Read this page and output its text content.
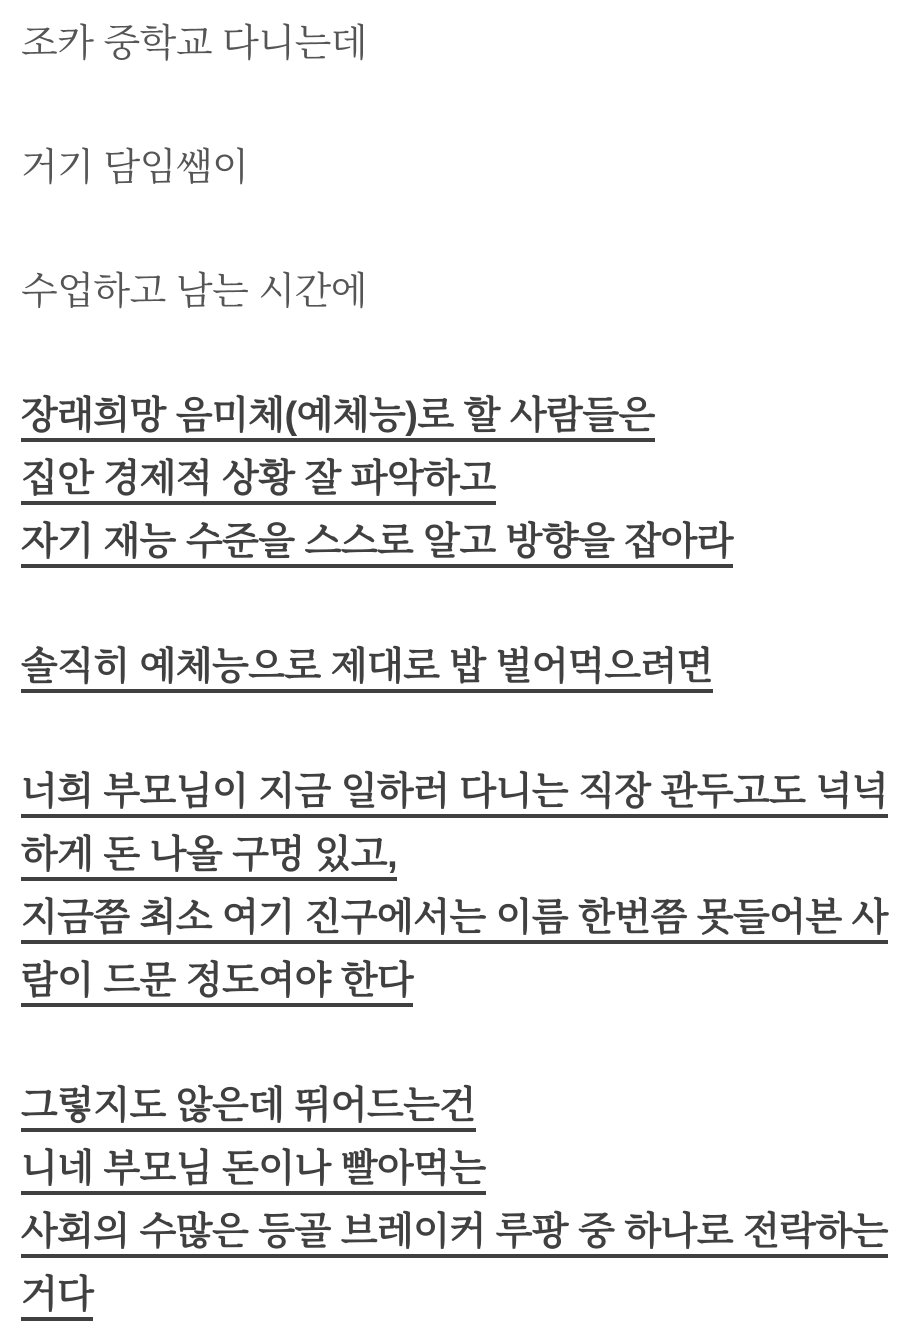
조카 중학교 다니는데

거기 담임쌤이

수업하고 남는 시간에

장래희망 음미체(예체능)로 할 사람들은
집안 경제적 상황 잘 파악하고
자기 재능 수준을 스스로 알고 방향을 잡아라

솔직히 예체능으로 제대로 밥 벌어먹으려면

너희 부모님이 지금 일하러 다니는 직장 관두고도 넉넉
하게 돈 나올 구멍 있고,
지금쯤 최소 여기 진구에서는 이름 한번쯤 못들어본 사
람이 드문 정도여야 한다

그렇지도 않은데 뛰어드는건
니네 부모님 돈이나 빨아먹는
사회의 수많은 등골 브레이커 루팡 중 하나로 전락하는
거다
